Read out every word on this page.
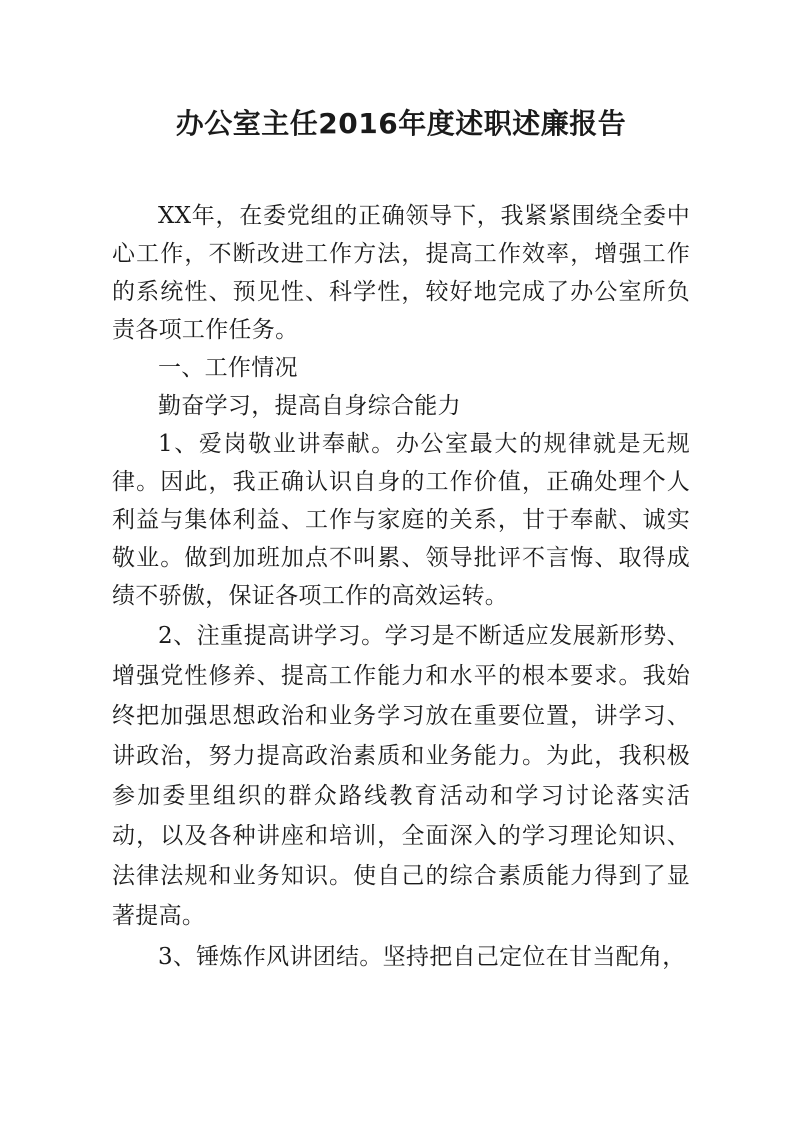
办公室主任2016年度述职述廉报告

XX年，在委党组的正确领导下，我紧紧围绕全委中心工作，不断改进工作方法，提高工作效率，增强工作的系统性、预见性、科学性，较好地完成了办公室所负责各项工作任务。

一、工作情况

勤奋学习，提高自身综合能力

1、爱岗敬业讲奉献。办公室最大的规律就是无规律。因此，我正确认识自身的工作价值，正确处理个人利益与集体利益、工作与家庭的关系，甘于奉献、诚实敬业。做到加班加点不叫累、领导批评不言悔、取得成绩不骄傲，保证各项工作的高效运转。

2、注重提高讲学习。学习是不断适应发展新形势、增强党性修养、提高工作能力和水平的根本要求。我始终把加强思想政治和业务学习放在重要位置，讲学习、讲政治，努力提高政治素质和业务能力。为此，我积极参加委里组织的群众路线教育活动和学习讨论落实活动，以及各种讲座和培训，全面深入的学习理论知识、法律法规和业务知识。使自己的综合素质能力得到了显著提高。

3、锤炼作风讲团结。坚持把自己定位在甘当配角，
